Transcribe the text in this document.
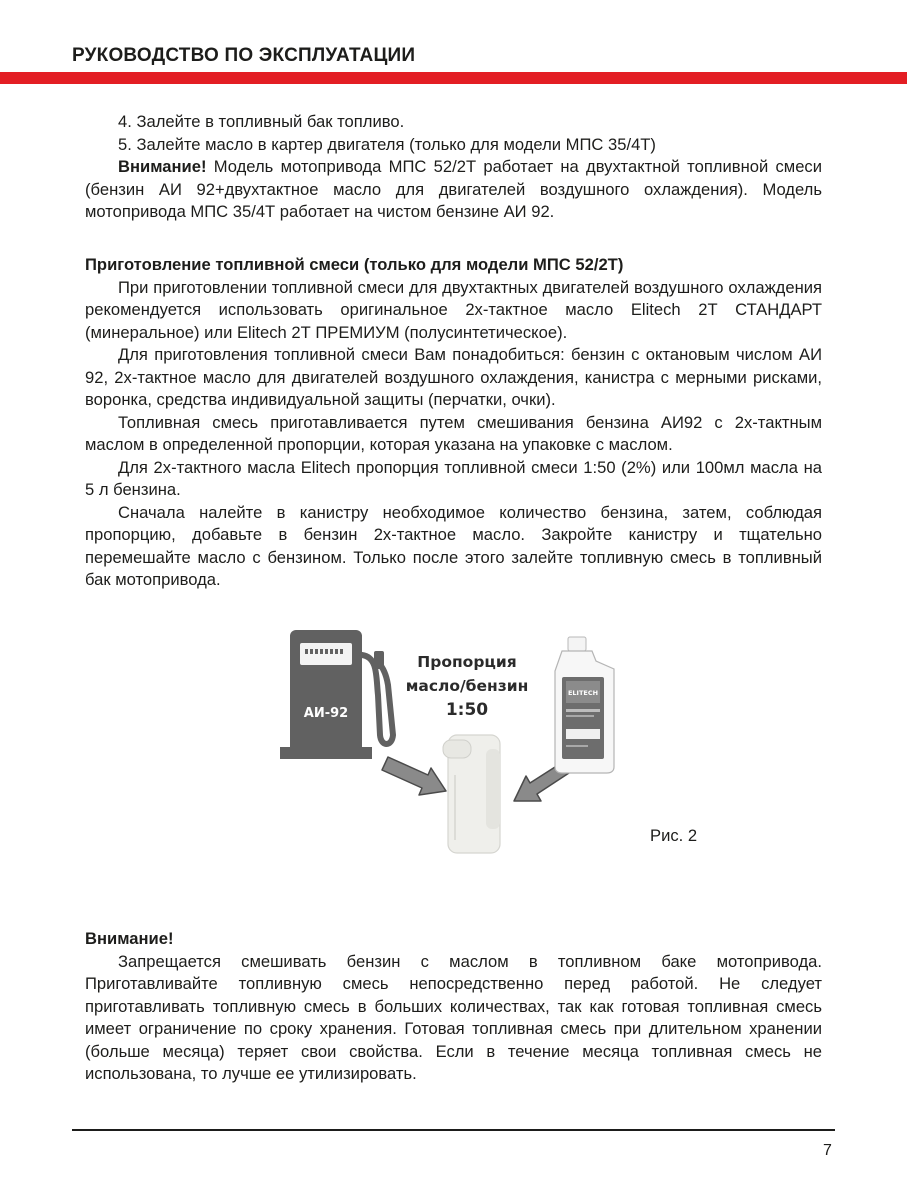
РУКОВОДСТВО ПО ЭКСПЛУАТАЦИИ

4. Залейте в топливный бак топливо.

5. Залейте масло в картер двигателя (только для модели МПС 35/4Т)

Внимание! Модель мотопривода МПС 52/2Т работает на двухтактной топливной смеси (бензин АИ 92+двухтактное масло для двигателей воздушного охлаждения). Модель мотопривода МПС 35/4Т работает на чистом бензине АИ 92.

Приготовление топливной смеси (только для модели МПС 52/2Т)

При приготовлении топливной смеси для двухтактных двигателей воздушного охлаждения рекомендуется использовать оригинальное 2х-тактное масло Elitech 2Т СТАНДАРТ (минеральное) или Elitech 2Т ПРЕМИУМ (полусинтетическое).

Для приготовления топливной смеси Вам понадобиться: бензин с октановым числом АИ 92, 2х-тактное масло для двигателей воздушного охлаждения, канистра с мерными рисками, воронка, средства индивидуальной защиты (перчатки, очки).

Топливная смесь приготавливается путем смешивания бензина АИ92 с 2х-тактным маслом в определенной пропорции, которая указана на упаковке с маслом.

Для 2х-тактного масла Elitech пропорция топливной смеси 1:50 (2%) или 100мл масла на 5 л бензина.

Сначала налейте в канистру необходимое количество бензина, затем, соблюдая пропорцию, добавьте в бензин 2х-тактное масло. Закройте канистру и тщательно перемешайте масло с бензином. Только после этого залейте топливную смесь в топливный бак мотопривода.

АИ-92
ELITECH
Пропорция
масло/бензин
1:50
Рис. 2

Внимание!

Запрещается смешивать бензин с маслом в топливном баке мотопривода. Приготавливайте топливную смесь непосредственно перед работой. Не следует приготавливать топливную смесь в больших количествах, так как готовая топливная смесь имеет ограничение по сроку хранения. Готовая топливная смесь при длительном хранении (больше месяца) теряет свои свойства. Если в течение месяца топливная смесь не использована, то лучше ее утилизировать.

7
